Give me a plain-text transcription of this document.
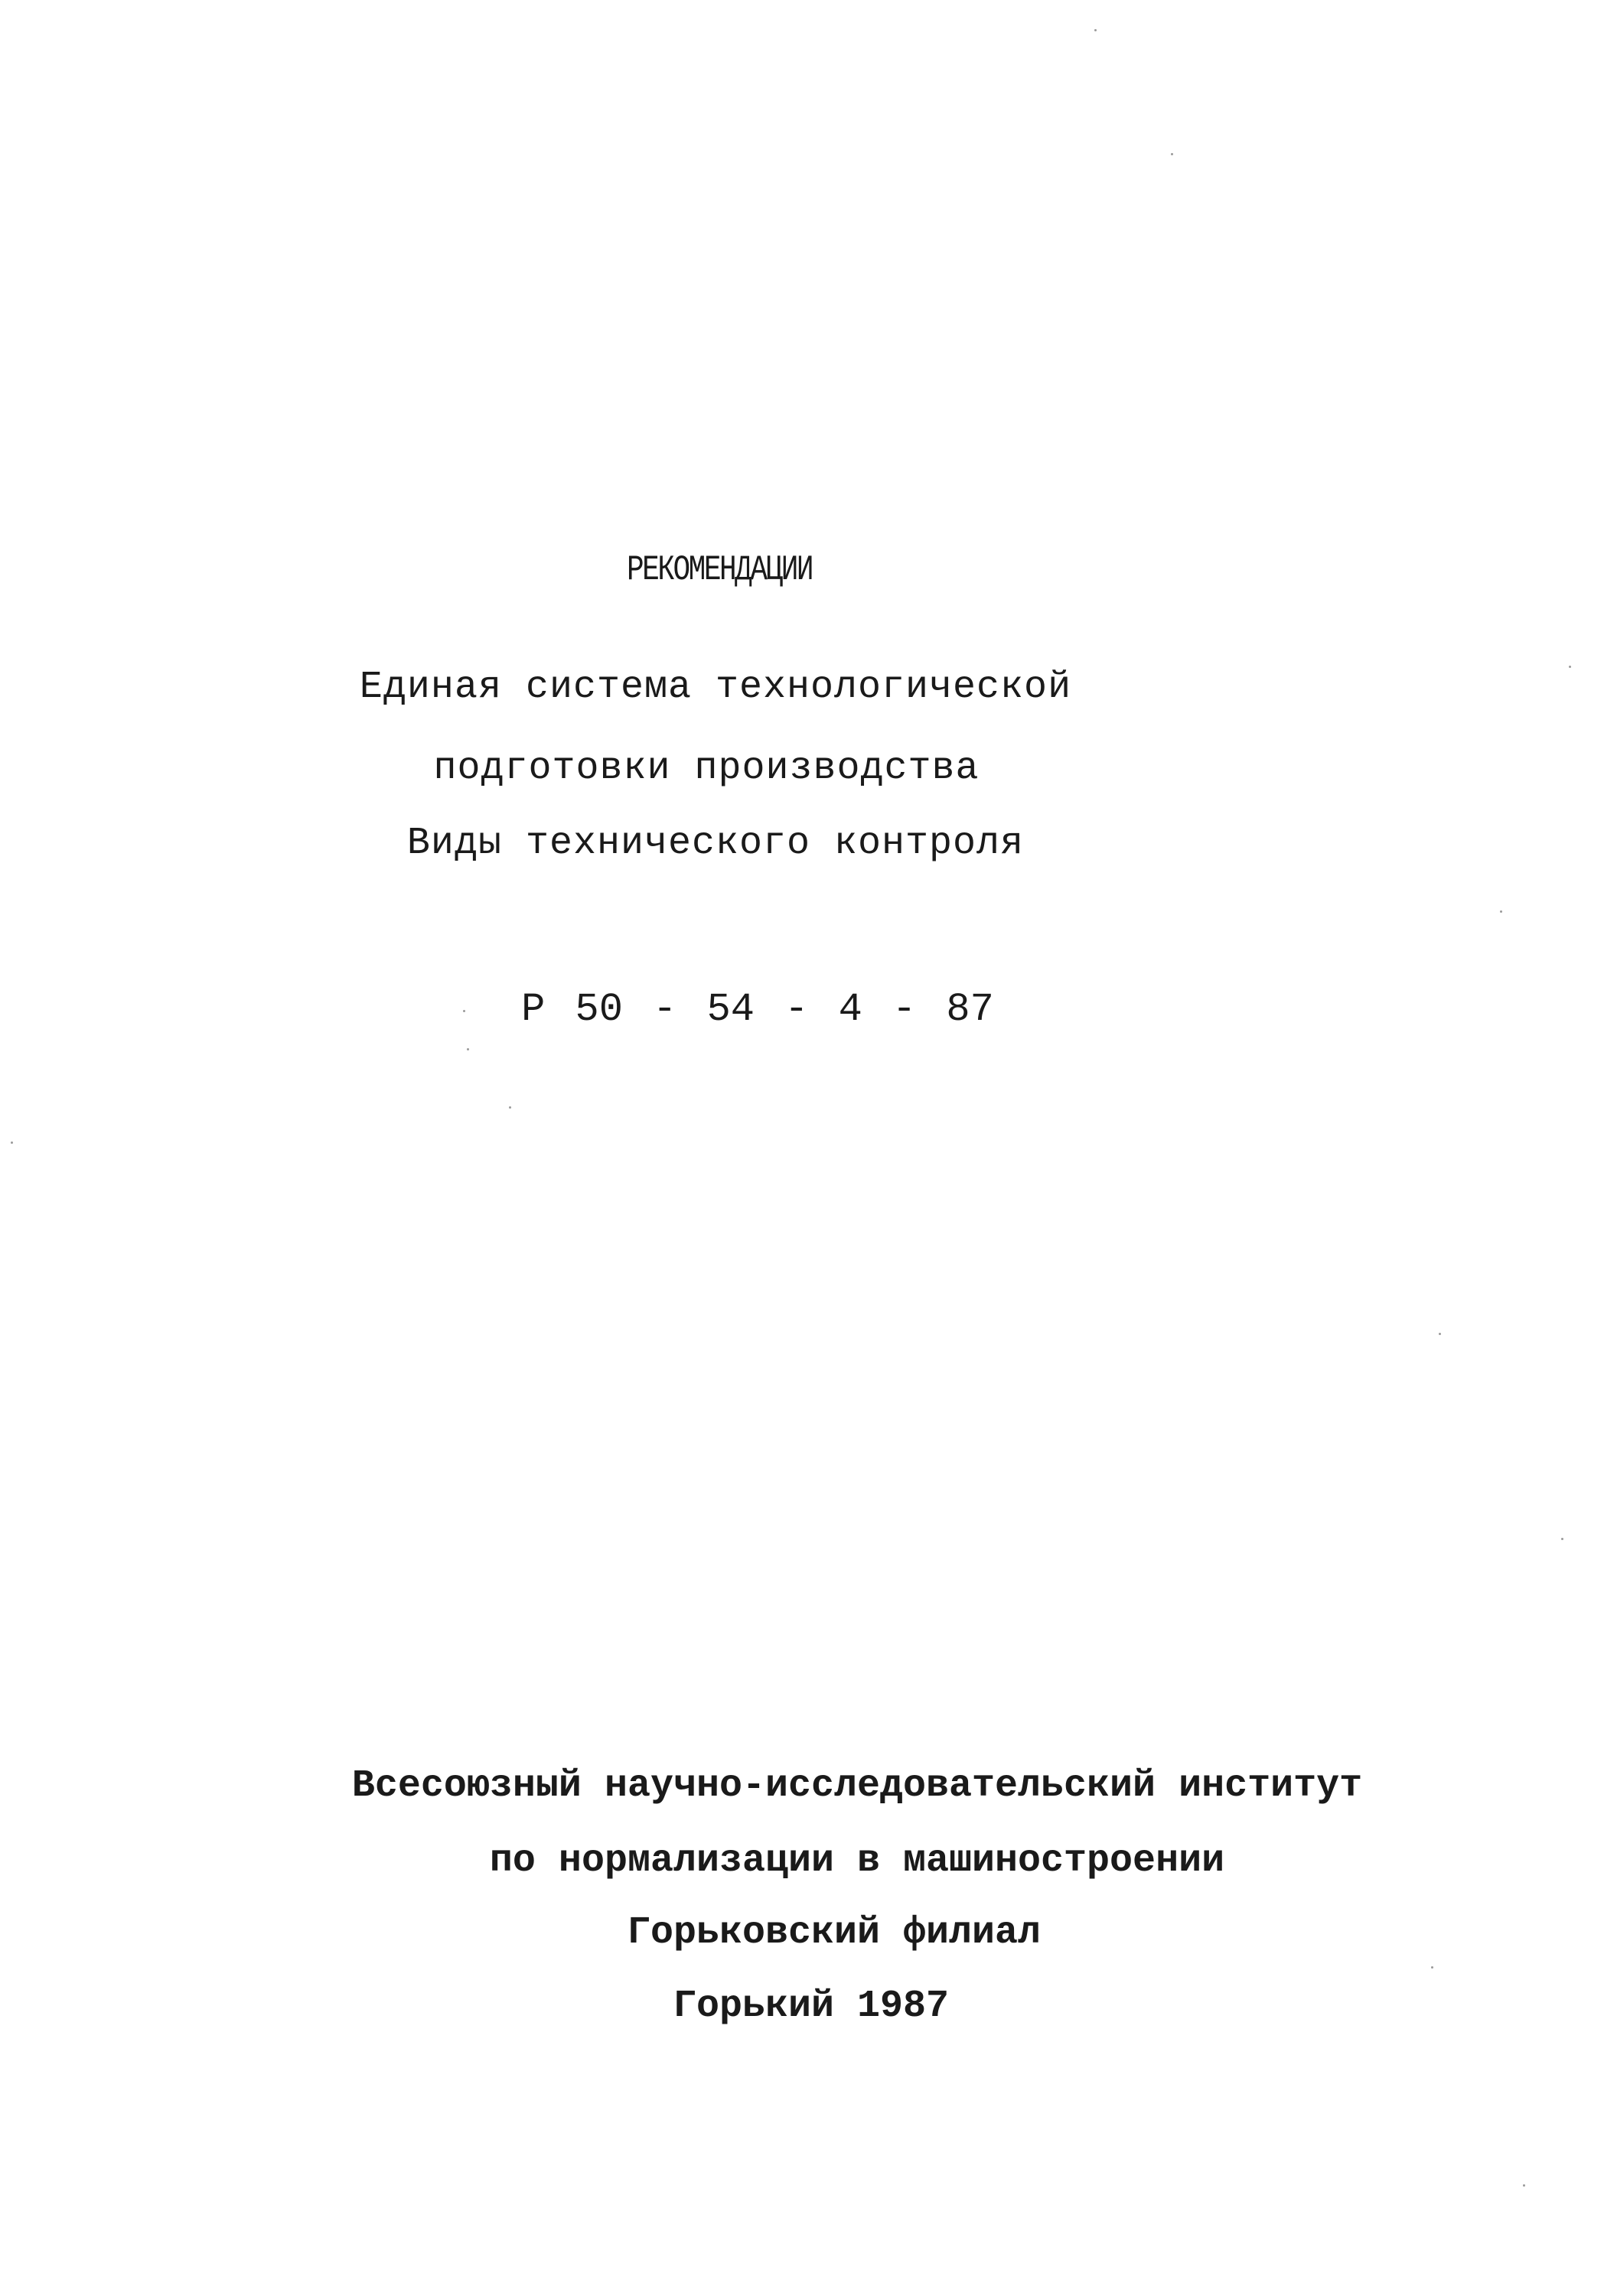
РЕКОМЕНДАЦИИ
Единая система технологической
подготовки производства
Виды технического контроля
Р 50 - 54 - 4 - 87
Всесоюзный научно-исследовательский институт
по нормализации в машиностроении
Горьковский филиал
Горький 1987
